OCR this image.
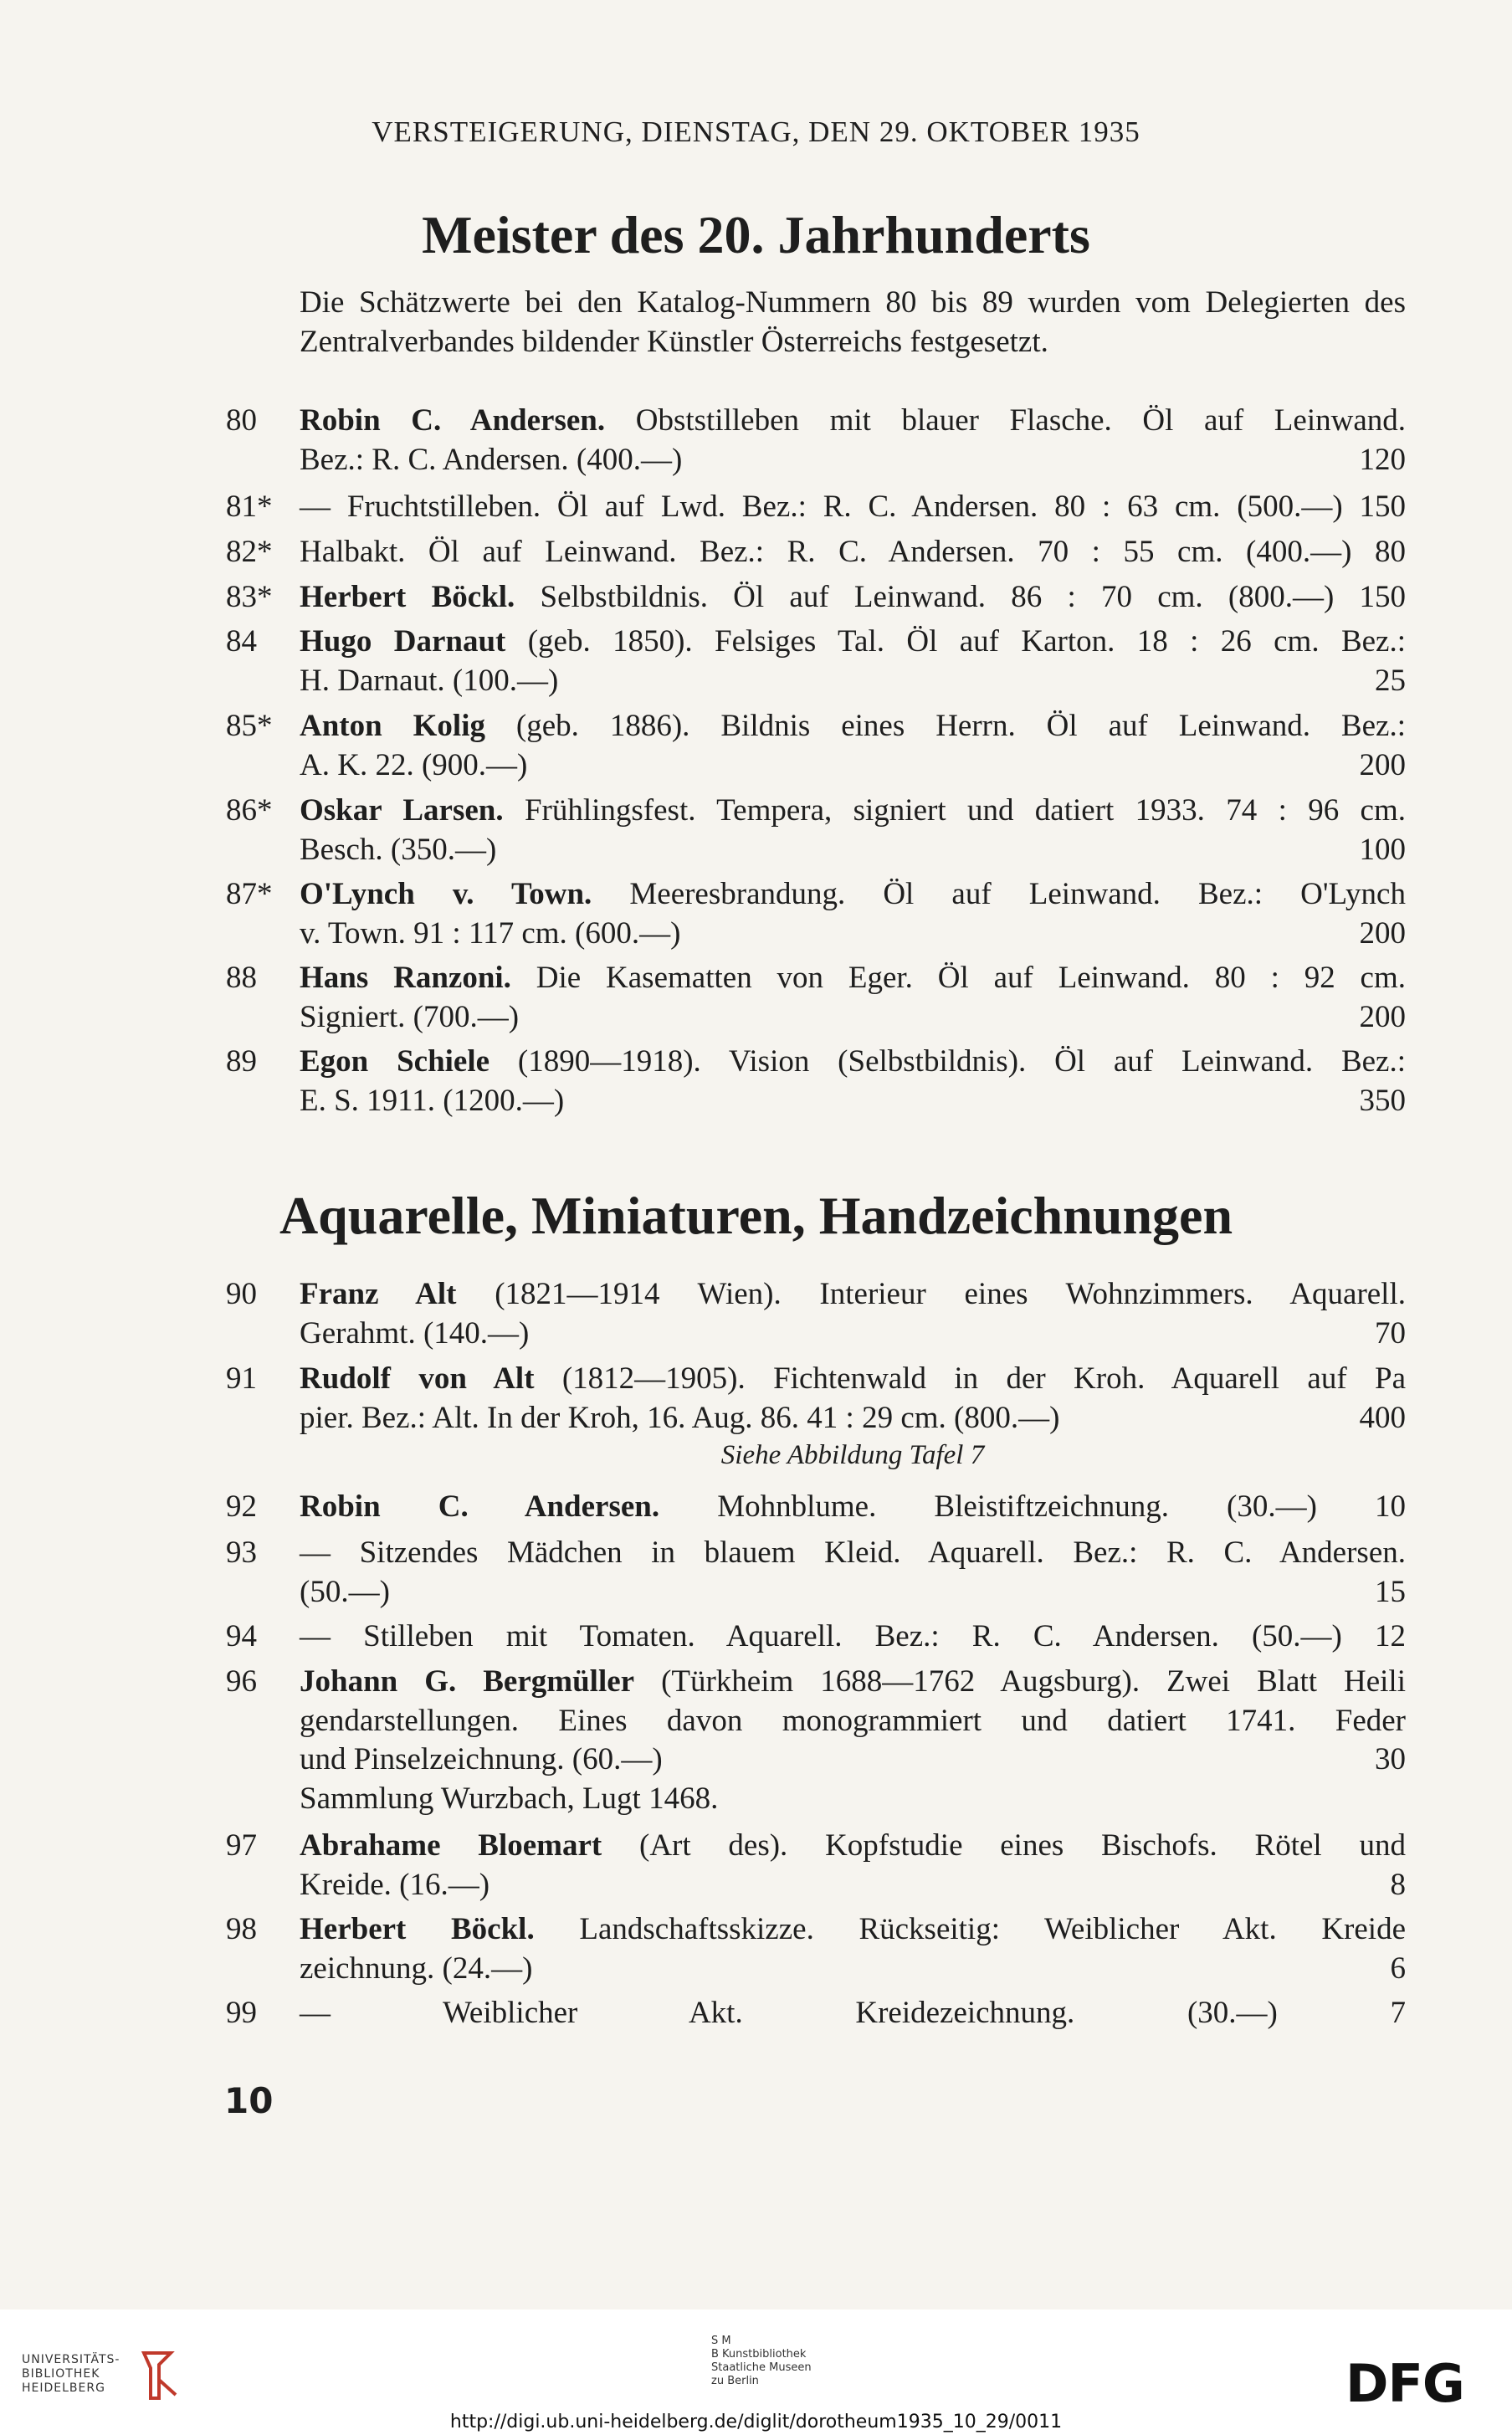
VERSTEIGERUNG, DIENSTAG, DEN 29. OKTOBER 1935
Meister des 20. Jahrhunderts
Die Schätzwerte bei den Katalog-Nummern 80 bis 89 wurden vom Delegierten des Zentralverbandes bildender Künstler Österreichs festgesetzt.
80	Robin C. Andersen. Obststilleben mit blauer Flasche. Öl auf Leinwand.
Bez.: R. C. Andersen. (400.—)	120
81* — Fruchtstilleben. Öl auf Lwd. Bez.: R. C. Andersen. 80 : 63 cm. (500.—) 150
82* Halbakt. Öl auf Leinwand. Bez.: R. C. Andersen. 70 : 55 cm. (400.—) 80
83* Herbert Böckl. Selbstbildnis. Öl auf Leinwand. 86 : 70 cm. (800.—) 150
84	Hugo Darnaut (geb. 1850). Felsiges Tal. Öl auf Karton. 18 : 26 cm. Bez.:
H. Darnaut. (100.—)	25
85* Anton Kolig (geb. 1886). Bildnis eines Herrn. Öl auf Leinwand. Bez.:
A. K. 22. (900.—)	200
86* Oskar Larsen. Frühlingsfest. Tempera, signiert und datiert 1933. 74 : 96 cm.
Besch. (350.—)	100
87* O'Lynch v. Town. Meeresbrandung. Öl auf Leinwand. Bez.: O'Lynch
v. Town. 91 : 117 cm. (600.—)	200
88	Hans Ranzoni. Die Kasematten von Eger. Öl auf Leinwand. 80 : 92 cm.
Signiert. (700.—)	200
89	Egon Schiele (1890—1918). Vision (Selbstbildnis). Öl auf Leinwand. Bez.:
E. S. 1911. (1200.—)	350
Aquarelle, Miniaturen, Handzeichnungen
90	Franz Alt (1821—1914 Wien). Interieur eines Wohnzimmers. Aquarell.
Gerahmt. (140.—)	70
91	Rudolf von Alt (1812—1905). Fichtenwald in der Kroh. Aquarell auf Pa
pier. Bez.: Alt. In der Kroh, 16. Aug. 86. 41 : 29 cm. (800.—)	400
Siehe Abbildung Tafel 7
92	Robin C. Andersen. Mohnblume. Bleistiftzeichnung. (30.—) 10
93	— Sitzendes Mädchen in blauem Kleid. Aquarell. Bez.: R. C. Andersen.
(50.—)	15
94	— Stilleben mit Tomaten. Aquarell. Bez.: R. C. Andersen. (50.—) 12
96	Johann G. Bergmüller (Türkheim 1688—1762 Augsburg). Zwei Blatt Heili
gendarstellungen. Eines davon monogrammiert und datiert 1741. Feder
und Pinselzeichnung. (60.—)	30
Sammlung Wurzbach, Lugt 1468.
97	Abrahame Bloemart (Art des). Kopfstudie eines Bischofs. Rötel und
Kreide. (16.—)	8
98	Herbert Böckl. Landschaftsskizze. Rückseitig: Weiblicher Akt. Kreide
zeichnung. (24.—)	6
99	— Weiblicher Akt. Kreidezeichnung. (30.—) 7
10
UNIVERSITÄTS-
BIBLIOTHEK
HEIDELBERG
S M
B Kunstbibliothek
Staatliche Museen
zu Berlin	DFG
http://digi.ub.uni-heidelberg.de/diglit/dorotheum1935_10_29/0011
